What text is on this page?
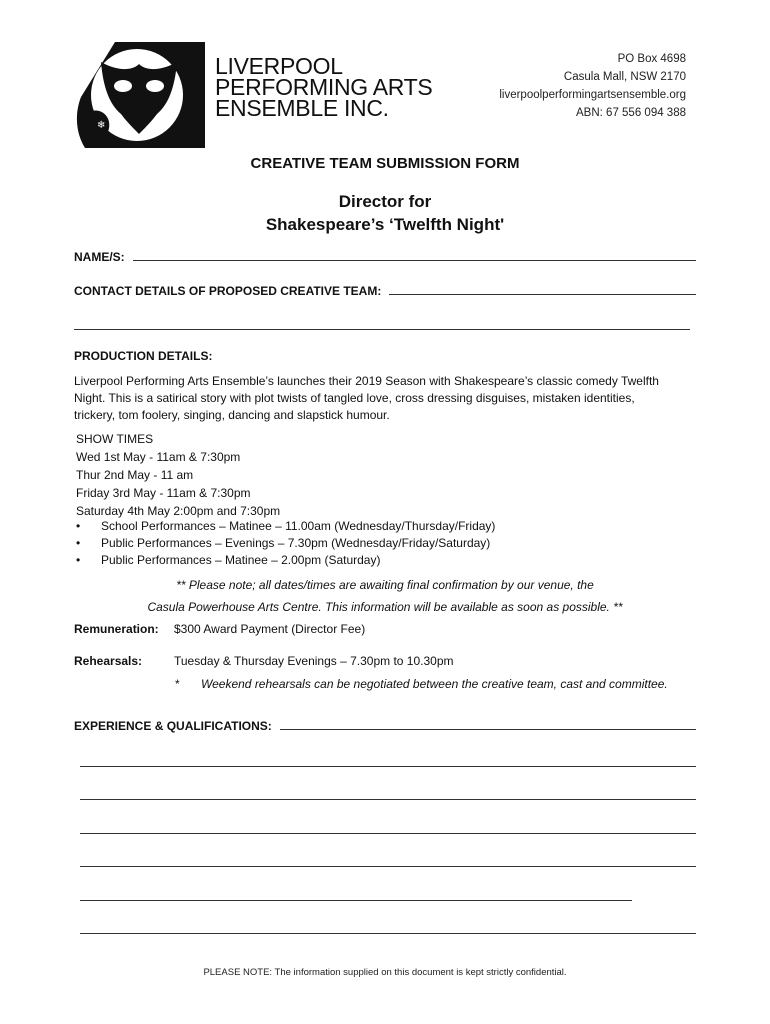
❄
LIVERPOOL
PERFORMING ARTS
ENSEMBLE INC.
PO Box 4698
Casula Mall, NSW 2170
liverpoolperformingartsensemble.org
ABN: 67 556 094 388
CREATIVE TEAM SUBMISSION FORM
Director for
Shakespeare’s ‘Twelfth Night'
NAME/S:
CONTACT DETAILS OF PROPOSED CREATIVE TEAM:
PRODUCTION DETAILS:
Liverpool Performing Arts Ensemble’s launches their 2019 Season with Shakespeare’s classic comedy Twelfth Night. This is a satirical story with plot twists of tangled love, cross dressing disguises, mistaken identities, trickery, tom foolery, singing, dancing and slapstick humour.
SHOW TIMES
Wed 1st May - 11am & 7:30pm
Thur 2nd May - 11 am
Friday 3rd May - 11am & 7:30pm
Saturday 4th May 2:00pm and 7:30pm
• School Performances – Matinee – 11.00am (Wednesday/Thursday/Friday)
• Public Performances – Evenings – 7.30pm (Wednesday/Friday/Saturday)
• Public Performances – Matinee – 2.00pm (Saturday)
** Please note; all dates/times are awaiting final confirmation by our venue, the
Casula Powerhouse Arts Centre. This information will be available as soon as possible. **
Remuneration: $300 Award Payment (Director Fee)
Rehearsals:	Tuesday & Thursday Evenings – 7.30pm to 10.30pm
* Weekend rehearsals can be negotiated between the creative team, cast and committee.
EXPERIENCE & QUALIFICATIONS:
PLEASE NOTE: The information supplied on this document is kept strictly confidential.
